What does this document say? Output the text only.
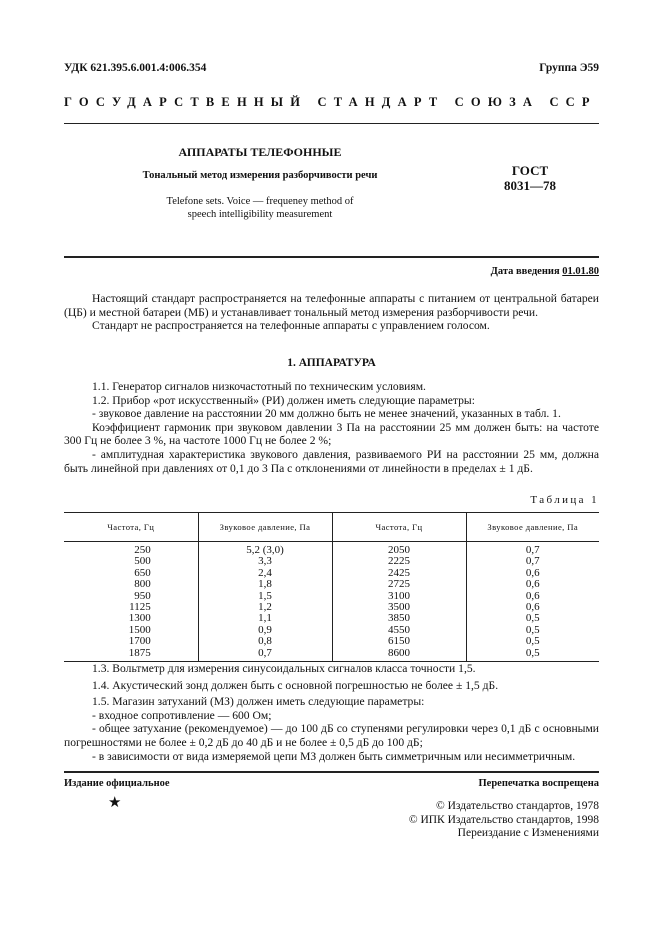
УДК 621.395.6.001.4:006.354	Группа Э59
ГОСУДАРСТВЕННЫЙ СТАНДАРТ СОЮЗА ССР
АППАРАТЫ ТЕЛЕФОННЫЕ
Тональный метод измерения разборчивости речи
Telefone sets. Voice — frequeney method of
speech intelligibility measurement
ГОСТ
8031—78
Дата введения 01.01.80

Настоящий стандарт распространяется на телефонные аппараты с питанием от центральной батареи (ЦБ) и местной батареи (МБ) и устанавливает тональный метод измерения разборчивости речи.

Стандарт не распространяется на телефонные аппараты с управлением голосом.

1. АППАРАТУРА

1.1. Генератор сигналов низкочастотный по техническим условиям.

1.2. Прибор «рот искусственный» (РИ) должен иметь следующие параметры:

- звуковое давление на расстоянии 20 мм должно быть не менее значений, указанных в табл. 1.

Коэффициент гармоник при звуковом давлении 3 Па на расстоянии 25 мм должен быть: на частоте 300 Гц не более 3 %, на частоте 1000 Гц не более 2 %;

- амплитудная характеристика звукового давления, развиваемого РИ на расстоянии 25 мм, должна быть линейной при давлениях от 0,1 до 3 Па с отклонениями от линейности в пределах ± 1 дБ.

Таблица 1
Частота, Гц	Звуковое давление, Па	Частота, Гц	Звуковое давление, Па
250	5,2 (3,0)	2050	0,7
500	3,3	2225	0,7
650	2,4	2425	0,6
800	1,8	2725	0,6
950	1,5	3100	0,6
1125	1,2	3500	0,6
1300	1,1	3850	0,5
1500	0,9	4550	0,5
1700	0,8	6150	0,5
1875	0,7	8600	0,5

1.3. Вольтметр для измерения синусоидальных сигналов класса точности 1,5.

1.4. Акустический зонд должен быть с основной погрешностью не более ± 1,5 дБ.

1.5. Магазин затуханий (МЗ) должен иметь следующие параметры:

- входное сопротивление — 600 Ом;

- общее затухание (рекомендуемое) — до 100 дБ со ступенями регулировки через 0,1 дБ с основными погрешностями не более ± 0,2 дБ до 40 дБ и не более ± 0,5 дБ до 100 дБ;

- в зависимости от вида измеряемой цепи МЗ должен быть симметричным или несимметричным.

Издание официальное	Перепечатка воспрещена
★	© Издательство стандартов, 1978
© ИПК Издательство стандартов, 1998
Переиздание с Изменениями
